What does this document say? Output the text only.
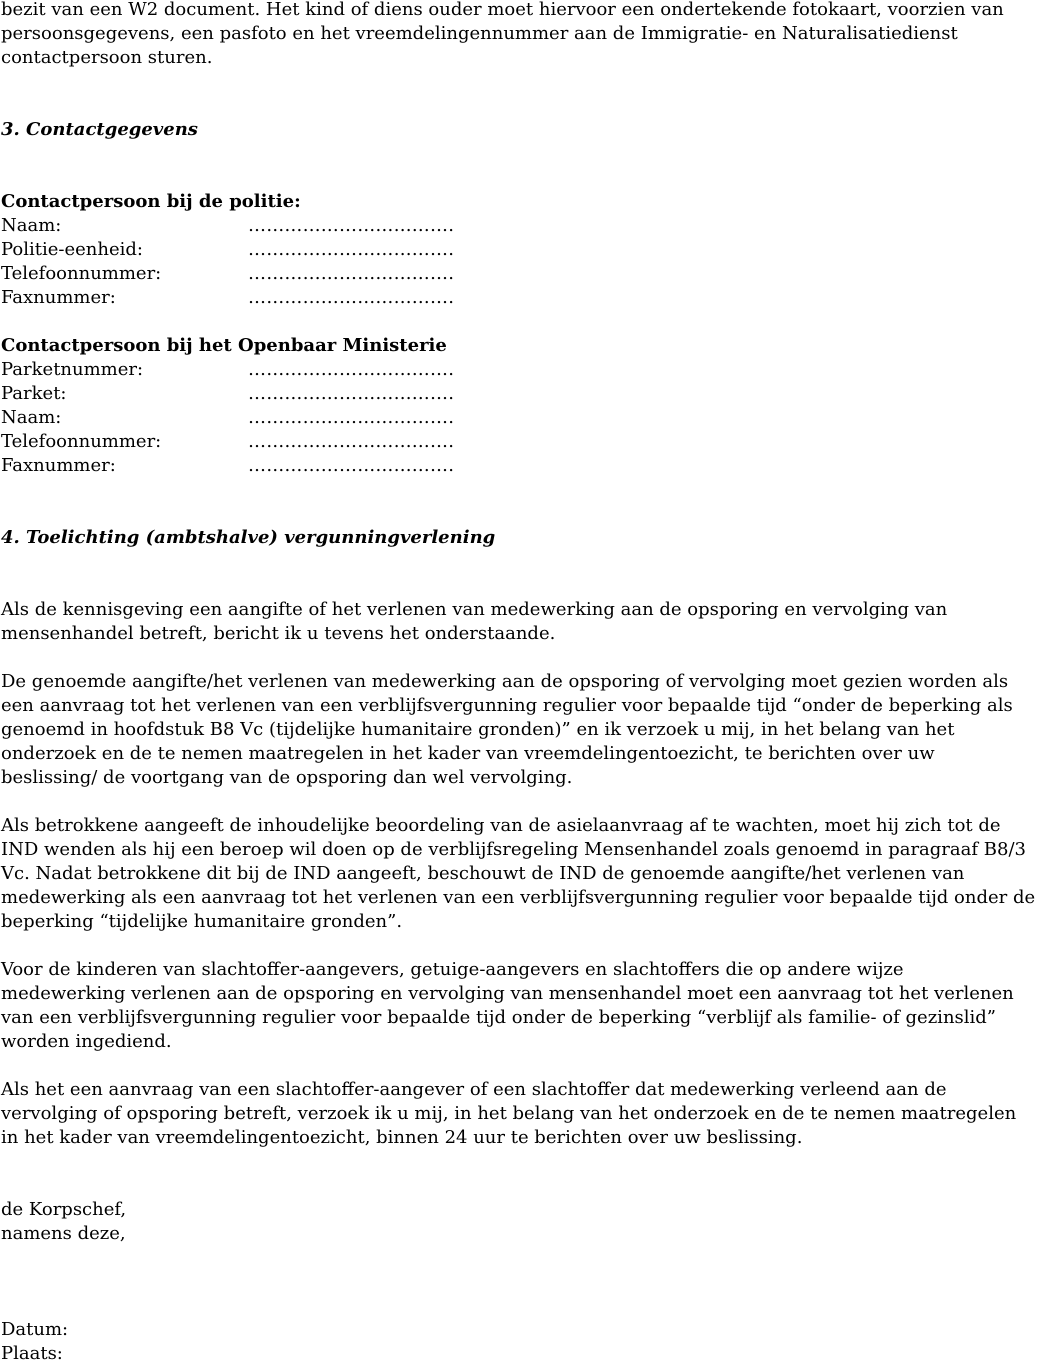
bezit van een W2 document. Het kind of diens ouder moet hiervoor een ondertekende fotokaart, voorzien van
persoonsgegevens, een pasfoto en het vreemdelingennummer aan de Immigratie- en Naturalisatiedienst
contactpersoon sturen.
3. Contactgegevens
Contactpersoon bij de politie:
Naam:	…………………………….
Politie-eenheid:	…………………………….
Telefoonnummer:	…………………………….
Faxnummer:	…………………………….
Contactpersoon bij het Openbaar Ministerie
Parketnummer:	…………………………….
Parket:	…………………………….
Naam:	…………………………….
Telefoonnummer:	…………………………….
Faxnummer:	…………………………….
4. Toelichting (ambtshalve) vergunningverlening
Als de kennisgeving een aangifte of het verlenen van medewerking aan de opsporing en vervolging van
mensenhandel betreft, bericht ik u tevens het onderstaande.
De genoemde aangifte/het verlenen van medewerking aan de opsporing of vervolging moet gezien worden als
een aanvraag tot het verlenen van een verblijfsvergunning regulier voor bepaalde tijd “onder de beperking als
genoemd in hoofdstuk B8 Vc (tijdelijke humanitaire gronden)” en ik verzoek u mij, in het belang van het
onderzoek en de te nemen maatregelen in het kader van vreemdelingentoezicht, te berichten over uw
beslissing/ de voortgang van de opsporing dan wel vervolging.
Als betrokkene aangeeft de inhoudelijke beoordeling van de asielaanvraag af te wachten, moet hij zich tot de
IND wenden als hij een beroep wil doen op de verblijfsregeling Mensenhandel zoals genoemd in paragraaf B8/3
Vc. Nadat betrokkene dit bij de IND aangeeft, beschouwt de IND de genoemde aangifte/het verlenen van
medewerking als een aanvraag tot het verlenen van een verblijfsvergunning regulier voor bepaalde tijd onder de
beperking “tijdelijke humanitaire gronden”.
Voor de kinderen van slachtoffer-aangevers, getuige-aangevers en slachtoffers die op andere wijze
medewerking verlenen aan de opsporing en vervolging van mensenhandel moet een aanvraag tot het verlenen
van een verblijfsvergunning regulier voor bepaalde tijd onder de beperking “verblijf als familie- of gezinslid”
worden ingediend.
Als het een aanvraag van een slachtoffer-aangever of een slachtoffer dat medewerking verleend aan de
vervolging of opsporing betreft, verzoek ik u mij, in het belang van het onderzoek en de te nemen maatregelen
in het kader van vreemdelingentoezicht, binnen 24 uur te berichten over uw beslissing.
de Korpschef,
namens deze,
Datum:
Plaats:
